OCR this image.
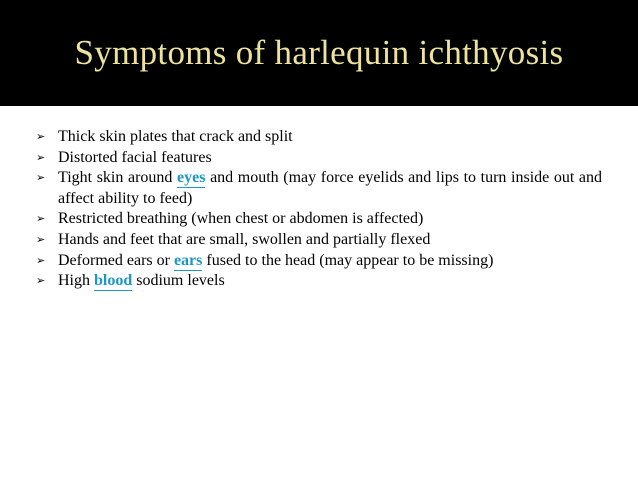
Symptoms of harlequin ichthyosis
➢ Thick skin plates that crack and split
➢ Distorted facial features
➢ Tight skin around eyes and mouth (may force eyelids and lips to turn inside out and affect ability to feed)
➢ Restricted breathing (when chest or abdomen is affected)
➢ Hands and feet that are small, swollen and partially flexed
➢ Deformed ears or ears fused to the head (may appear to be missing)
➢ High blood sodium levels
